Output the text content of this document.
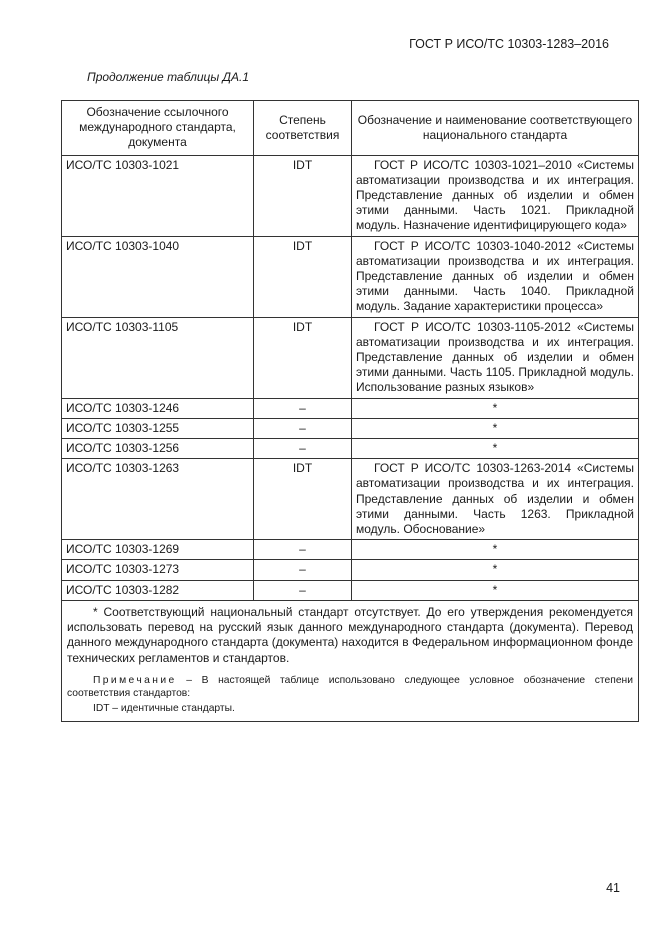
ГОСТ Р ИСО/ТС 10303-1283–2016
Продолжение таблицы ДА.1
Обозначение ссылочного международного стандарта, документа	Степень соответствия	Обозначение и наименование соответствующего национального стандарта
ИСО/ТС 10303-1021	IDT	ГОСТ Р ИСО/ТС 10303-1021–2010 «Системы автоматизации производства и их интеграция. Представление данных об изделии и обмен этими данными. Часть 1021. Прикладной модуль. Назначение идентифицирующего кода»
ИСО/ТС 10303-1040	IDT	ГОСТ Р ИСО/ТС 10303-1040-2012 «Системы автоматизации производства и их интеграция. Представление данных об изделии и обмен этими данными. Часть 1040. Прикладной модуль. Задание характеристики процесса»
ИСО/ТС 10303-1105	IDT	ГОСТ Р ИСО/ТС 10303-1105-2012 «Системы автоматизации производства и их интеграция. Представление данных об изделии и обмен этими данными. Часть 1105. Прикладной модуль. Использование разных языков»
ИСО/ТС 10303-1246	–	*
ИСО/ТС 10303-1255	–	*
ИСО/ТС 10303-1256	–	*
ИСО/ТС 10303-1263	IDT	ГОСТ Р ИСО/ТС 10303-1263-2014 «Системы автоматизации производства и их интеграция. Представление данных об изделии и обмен этими данными. Часть 1263. Прикладной модуль. Обоснование»
ИСО/ТС 10303-1269	–	*
ИСО/ТС 10303-1273	–	*
ИСО/ТС 10303-1282	–	*

* Соответствующий национальный стандарт отсутствует. До его утверждения рекомендуется использовать перевод на русский язык данного международного стандарта (документа). Перевод данного международного стандарта (документа) находится в Федеральном информационном фонде технических регламентов и стандартов.
Примечание – В настоящей таблице использовано следующее условное обозначение степени соответствия стандартов:
IDT – идентичные стандарты.		
41
